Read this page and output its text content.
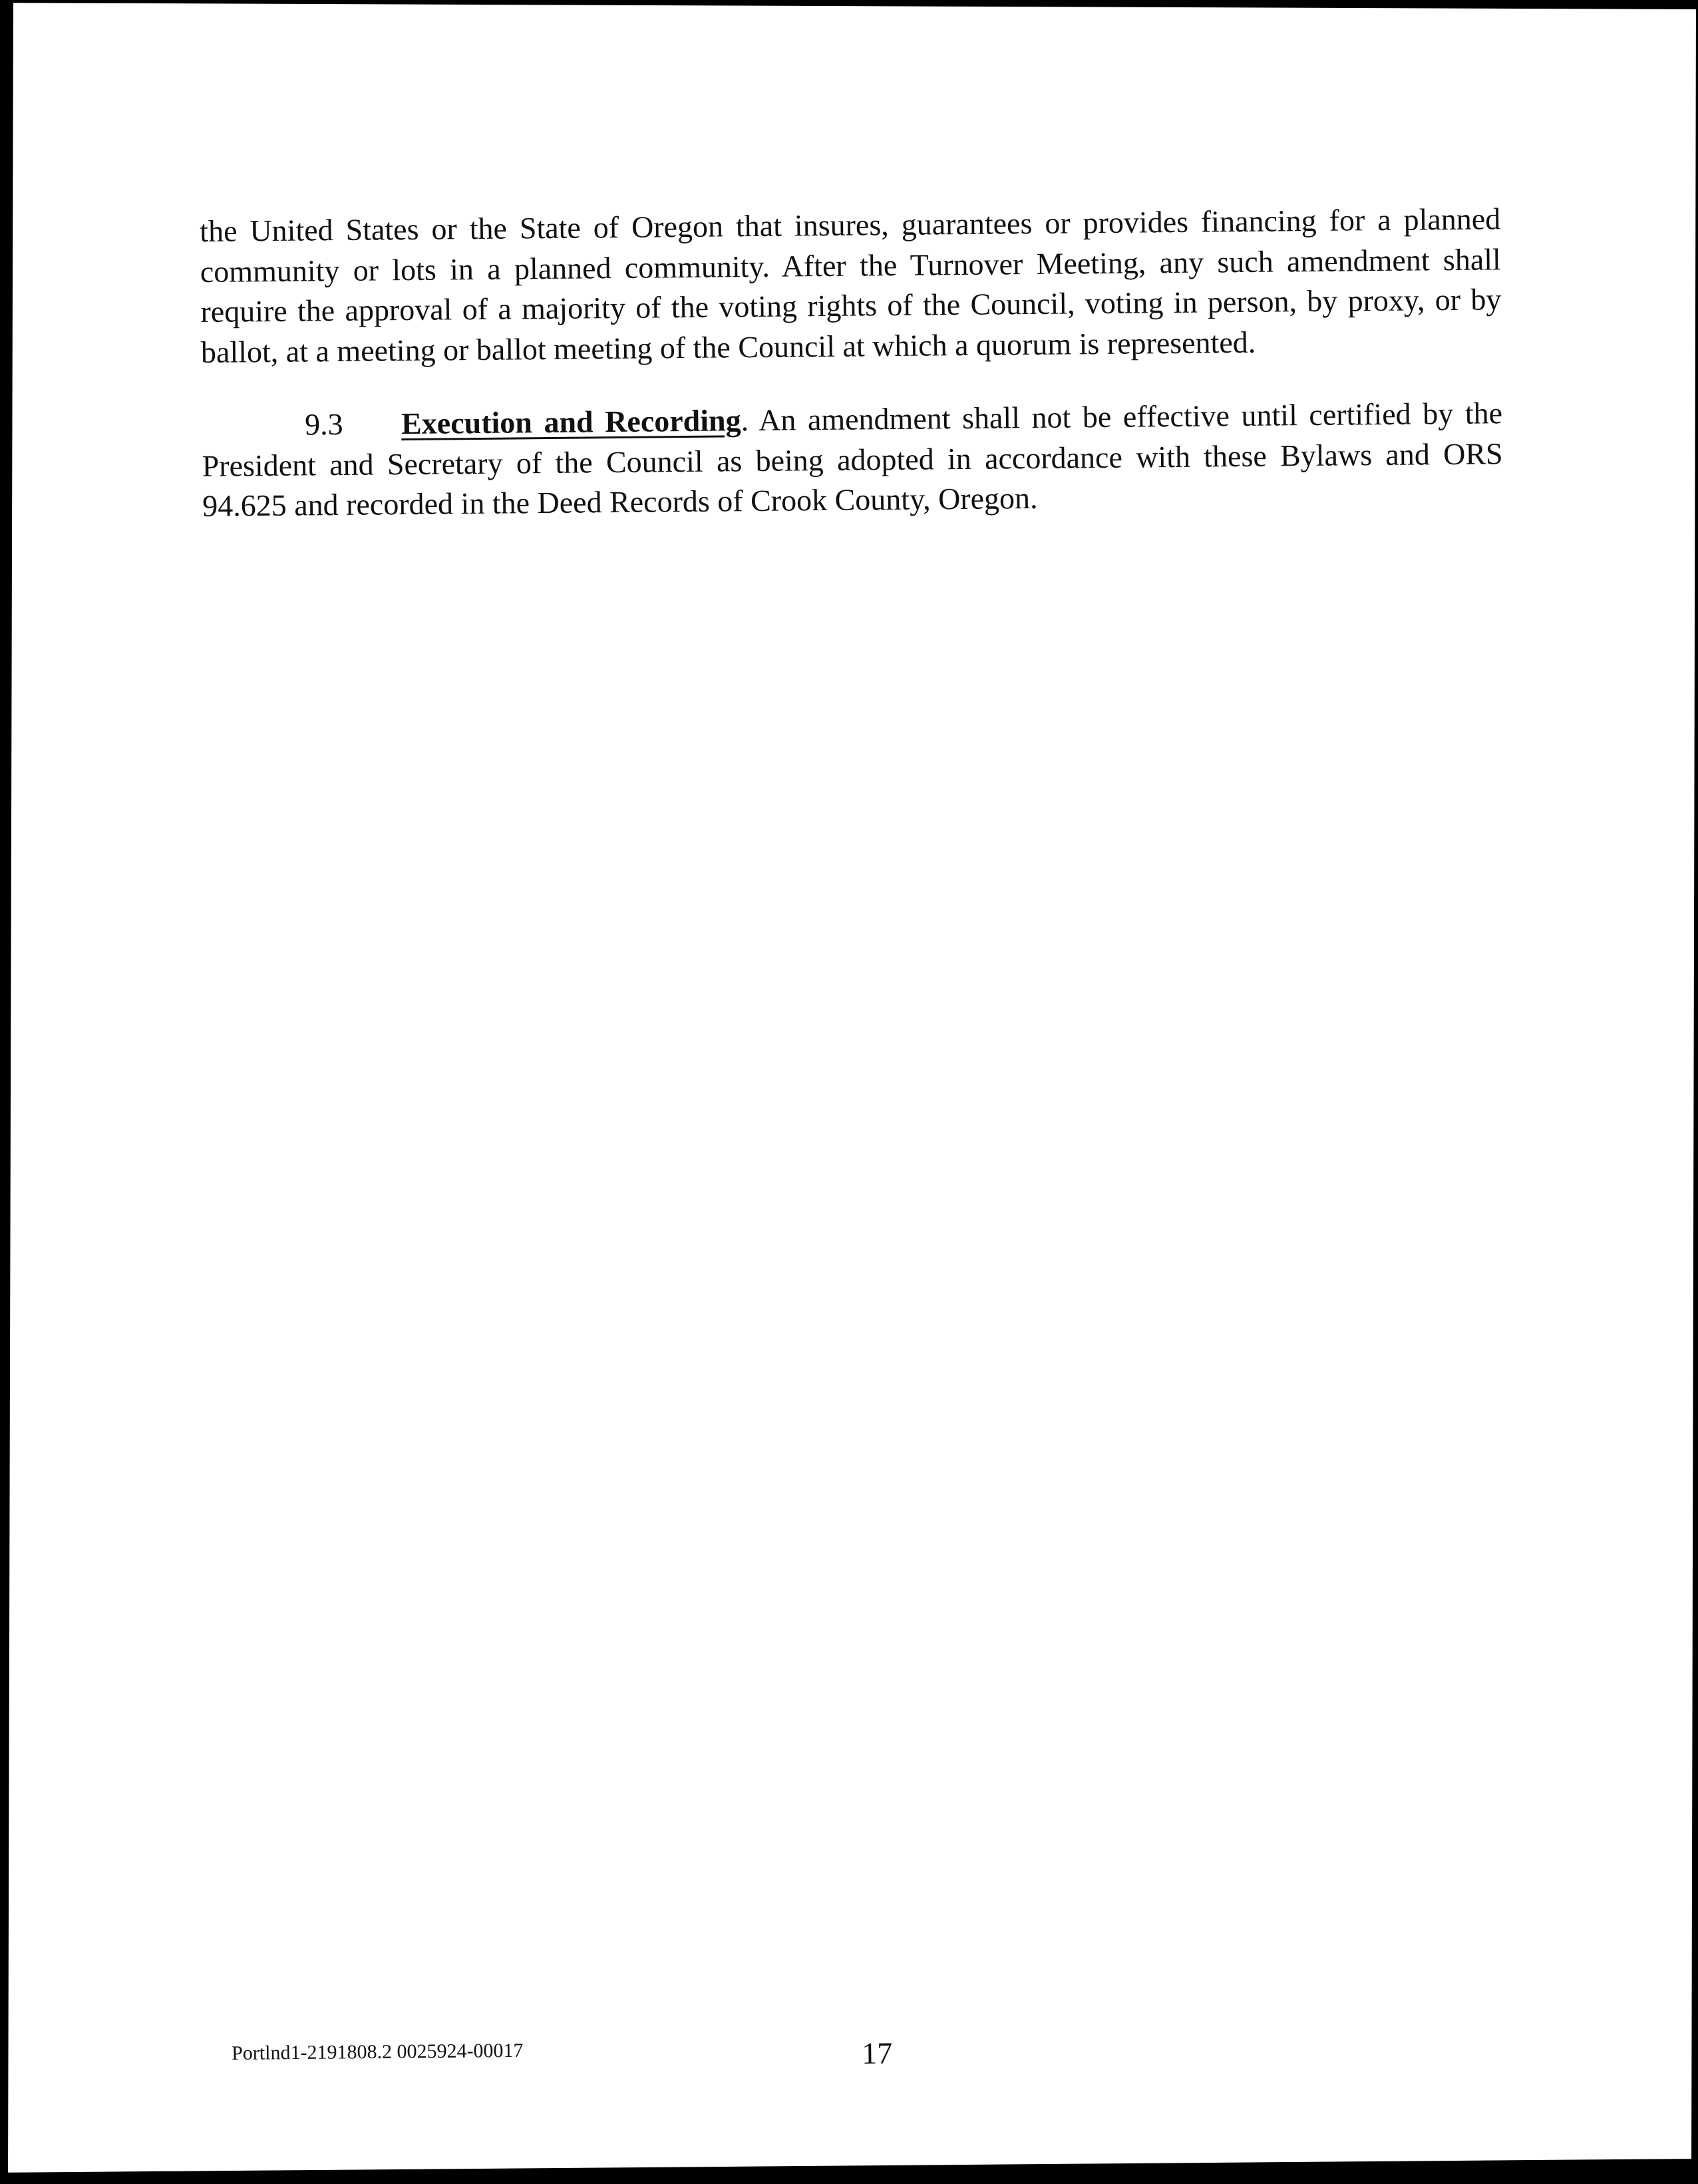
the United States or the State of Oregon that insures, guarantees or provides financing for a planned community or lots in a planned community. After the Turnover Meeting, any such amendment shall require the approval of a majority of the voting rights of the Council, voting in person, by proxy, or by ballot, at a meeting or ballot meeting of the Council at which a quorum is represented.

9.3 Execution and Recording. An amendment shall not be effective until certified by the President and Secretary of the Council as being adopted in accordance with these Bylaws and ORS 94.625 and recorded in the Deed Records of Crook County, Oregon.

Portlnd1-2191808.2 0025924-00017	17
